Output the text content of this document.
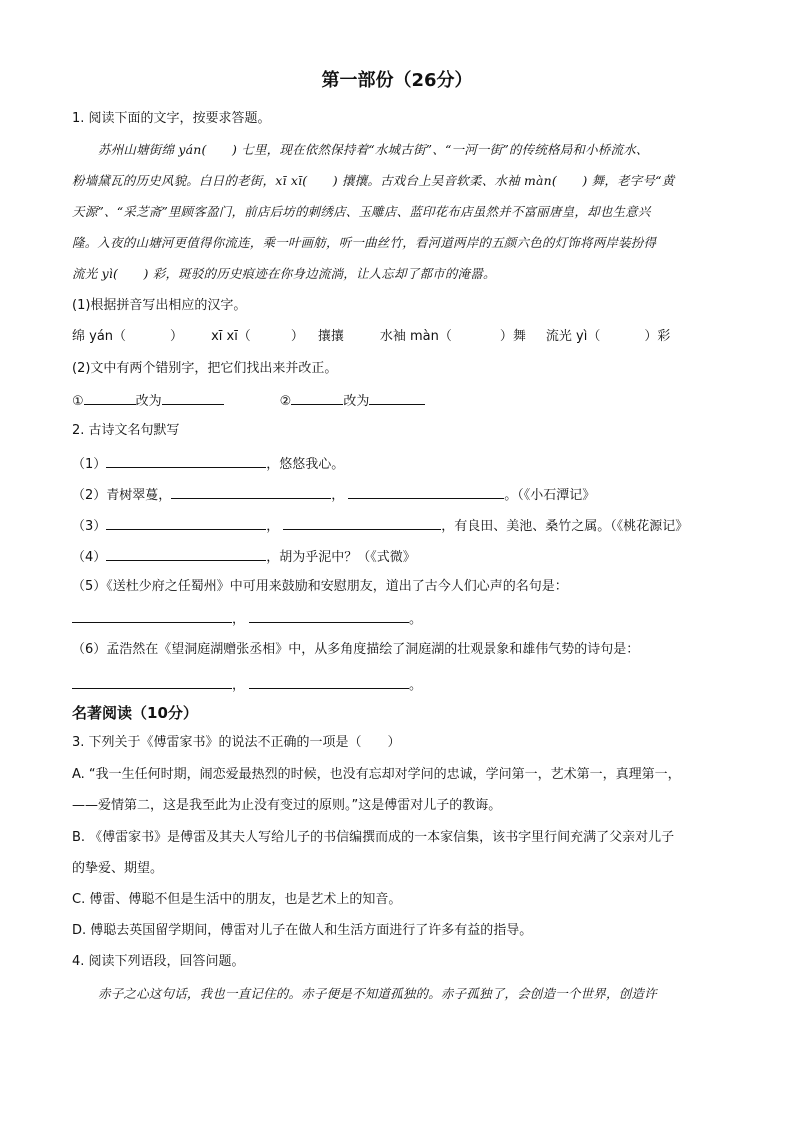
第一部份（26分）
1. 阅读下面的文字，按要求答题。
苏州山塘街绵 yán(　　) 七里，现在依然保持着“水城古街”、“一河一街”的传统格局和小桥流水、
粉墙黛瓦的历史风貌。白日的老街，xī xī(　　) 攘攘。古戏台上吴音软柔、水袖 màn(　　) 舞，老字号“黄
天源”、“采芝斋”里顾客盈门，前店后坊的刺绣店、玉雕店、蓝印花布店虽然并不富丽唐皇，却也生意兴
隆。入夜的山塘河更值得你流连，乘一叶画舫，听一曲丝竹，看河道两岸的五颜六色的灯饰将两岸装扮得
流光 yì(　　) 彩，斑驳的历史痕迹在你身边流淌，让人忘却了都市的淹嚣。
(1)根据拼音写出相应的汉字。
绵 yán（	） xī xī（	） 攘攘	水袖 màn（	）舞 流光 yì（	）彩
(2)文中有两个错别字，把它们找出来并改正。
①	改为	②	改为
2. 古诗文名句默写
（1）	，悠悠我心。
（2）青树翠蔓，	，	。（《小石潭记》
（3）	，	，有良田、美池、桑竹之属。（《桃花源记》
（4）	，胡为乎泥中？（《式微》
（5）《送杜少府之任蜀州》中可用来鼓励和安慰朋友，道出了古今人们心声的名句是：
，	。
（6）孟浩然在《望洞庭湖赠张丞相》中，从多角度描绘了洞庭湖的壮观景象和雄伟气势的诗句是：
，	。
名著阅读（10分）
3. 下列关于《傅雷家书》的说法不正确的一项是（　　）
A. “我一生任何时期，闹恋爱最热烈的时候，也没有忘却对学问的忠诚，学问第一，艺术第一，真理第一，
——爱情第二，这是我至此为止没有变过的原则。”这是傅雷对儿子的教诲。
B. 《傅雷家书》是傅雷及其夫人写给儿子的书信编撰而成的一本家信集，该书字里行间充满了父亲对儿子
的挚爱、期望。
C. 傅雷、傅聪不但是生活中的朋友，也是艺术上的知音。
D. 傅聪去英国留学期间，傅雷对儿子在做人和生活方面进行了许多有益的指导。
4. 阅读下列语段，回答问题。
赤子之心这句话，我也一直记住的。赤子便是不知道孤独的。赤子孤独了，会创造一个世界，创造许
